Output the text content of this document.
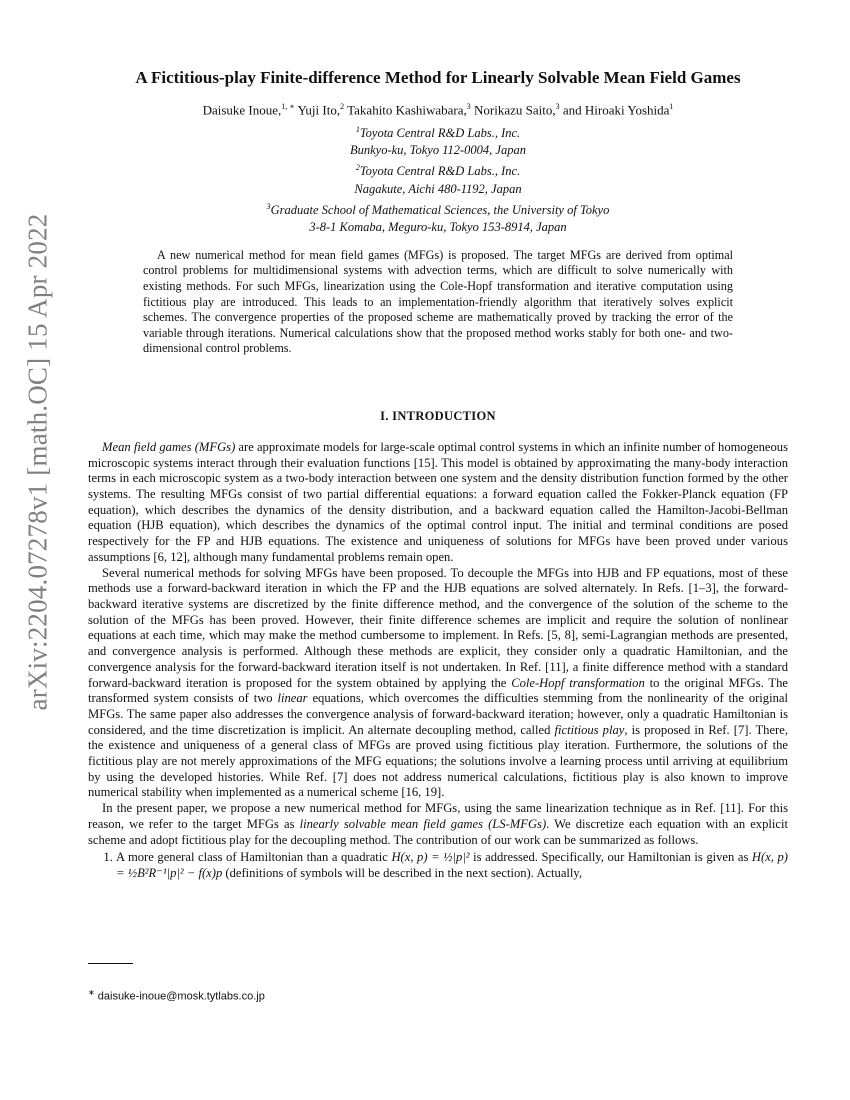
arXiv:2204.07278v1 [math.OC] 15 Apr 2022
A Fictitious-play Finite-difference Method for Linearly Solvable Mean Field Games
Daisuke Inoue,$^{1, ∗}$ Yuji Ito,$^2$ Takahito Kashiwabara,$^3$ Norikazu Saito,$^3$ and Hiroaki Yoshida$^1$
$^1$Toyota Central R&D Labs., Inc.
Bunkyo-ku, Tokyo 112-0004, Japan
$^2$Toyota Central R&D Labs., Inc.
Nagakute, Aichi 480-1192, Japan
$^3$Graduate School of Mathematical Sciences, the University of Tokyo
3-8-1 Komaba, Meguro-ku, Tokyo 153-8914, Japan

A new numerical method for mean field games (MFGs) is proposed. The target MFGs are derived from optimal control problems for multidimensional systems with advection terms, which are difficult to solve numerically with existing methods. For such MFGs, linearization using the Cole-Hopf transformation and iterative computation using fictitious play are introduced. This leads to an implementation-friendly algorithm that iteratively solves explicit schemes. The convergence properties of the proposed scheme are mathematically proved by tracking the error of the variable through iterations. Numerical calculations show that the proposed method works stably for both one- and two-dimensional control problems.

I. INTRODUCTION

Mean field games (MFGs) are approximate models for large-scale optimal control systems in which an infinite number of homogeneous microscopic systems interact through their evaluation functions [15]. This model is obtained by approximating the many-body interaction terms in each microscopic system as a two-body interaction between one system and the density distribution function formed by the other systems. The resulting MFGs consist of two partial differential equations: a forward equation called the Fokker-Planck equation (FP equation), which describes the dynamics of the density distribution, and a backward equation called the Hamilton-Jacobi-Bellman equation (HJB equation), which describes the dynamics of the optimal control input. The initial and terminal conditions are posed respectively for the FP and HJB equations. The existence and uniqueness of solutions for MFGs have been proved under various assumptions [6, 12], although many fundamental problems remain open.

Several numerical methods for solving MFGs have been proposed. To decouple the MFGs into HJB and FP equations, most of these methods use a forward-backward iteration in which the FP and the HJB equations are solved alternately. In Refs. [1–3], the forward-backward iterative systems are discretized by the finite difference method, and the convergence of the solution of the scheme to the solution of the MFGs has been proved. However, their finite difference schemes are implicit and require the solution of nonlinear equations at each time, which may make the method cumbersome to implement. In Refs. [5, 8], semi-Lagrangian methods are presented, and convergence analysis is performed. Although these methods are explicit, they consider only a quadratic Hamiltonian, and the convergence analysis for the forward-backward iteration itself is not undertaken. In Ref. [11], a finite difference method with a standard forward-backward iteration is proposed for the system obtained by applying the Cole-Hopf transformation to the original MFGs. The transformed system consists of two linear equations, which overcomes the difficulties stemming from the nonlinearity of the original MFGs. The same paper also addresses the convergence analysis of forward-backward iteration; however, only a quadratic Hamiltonian is considered, and the time discretization is implicit. An alternate decoupling method, called fictitious play, is proposed in Ref. [7]. There, the existence and uniqueness of a general class of MFGs are proved using fictitious play iteration. Furthermore, the solutions of the fictitious play are not merely approximations of the MFG equations; the solutions involve a learning process until arriving at equilibrium by using the developed histories. While Ref. [7] does not address numerical calculations, fictitious play is also known to improve numerical stability when implemented as a numerical scheme [16, 19].

In the present paper, we propose a new numerical method for MFGs, using the same linearization technique as in Ref. [11]. For this reason, we refer to the target MFGs as linearly solvable mean field games (LS-MFGs). We discretize each equation with an explicit scheme and adopt fictitious play for the decoupling method. The contribution of our work can be summarized as follows.

1. A more general class of Hamiltonian than a quadratic H(x, p) = ½|p|² is addressed. Specifically, our Hamiltonian is given as H(x, p) = ½B²R⁻¹|p|² − f(x)p (definitions of symbols will be described in the next section). Actually,
∗ daisuke-inoue@mosk.tytlabs.co.jp
